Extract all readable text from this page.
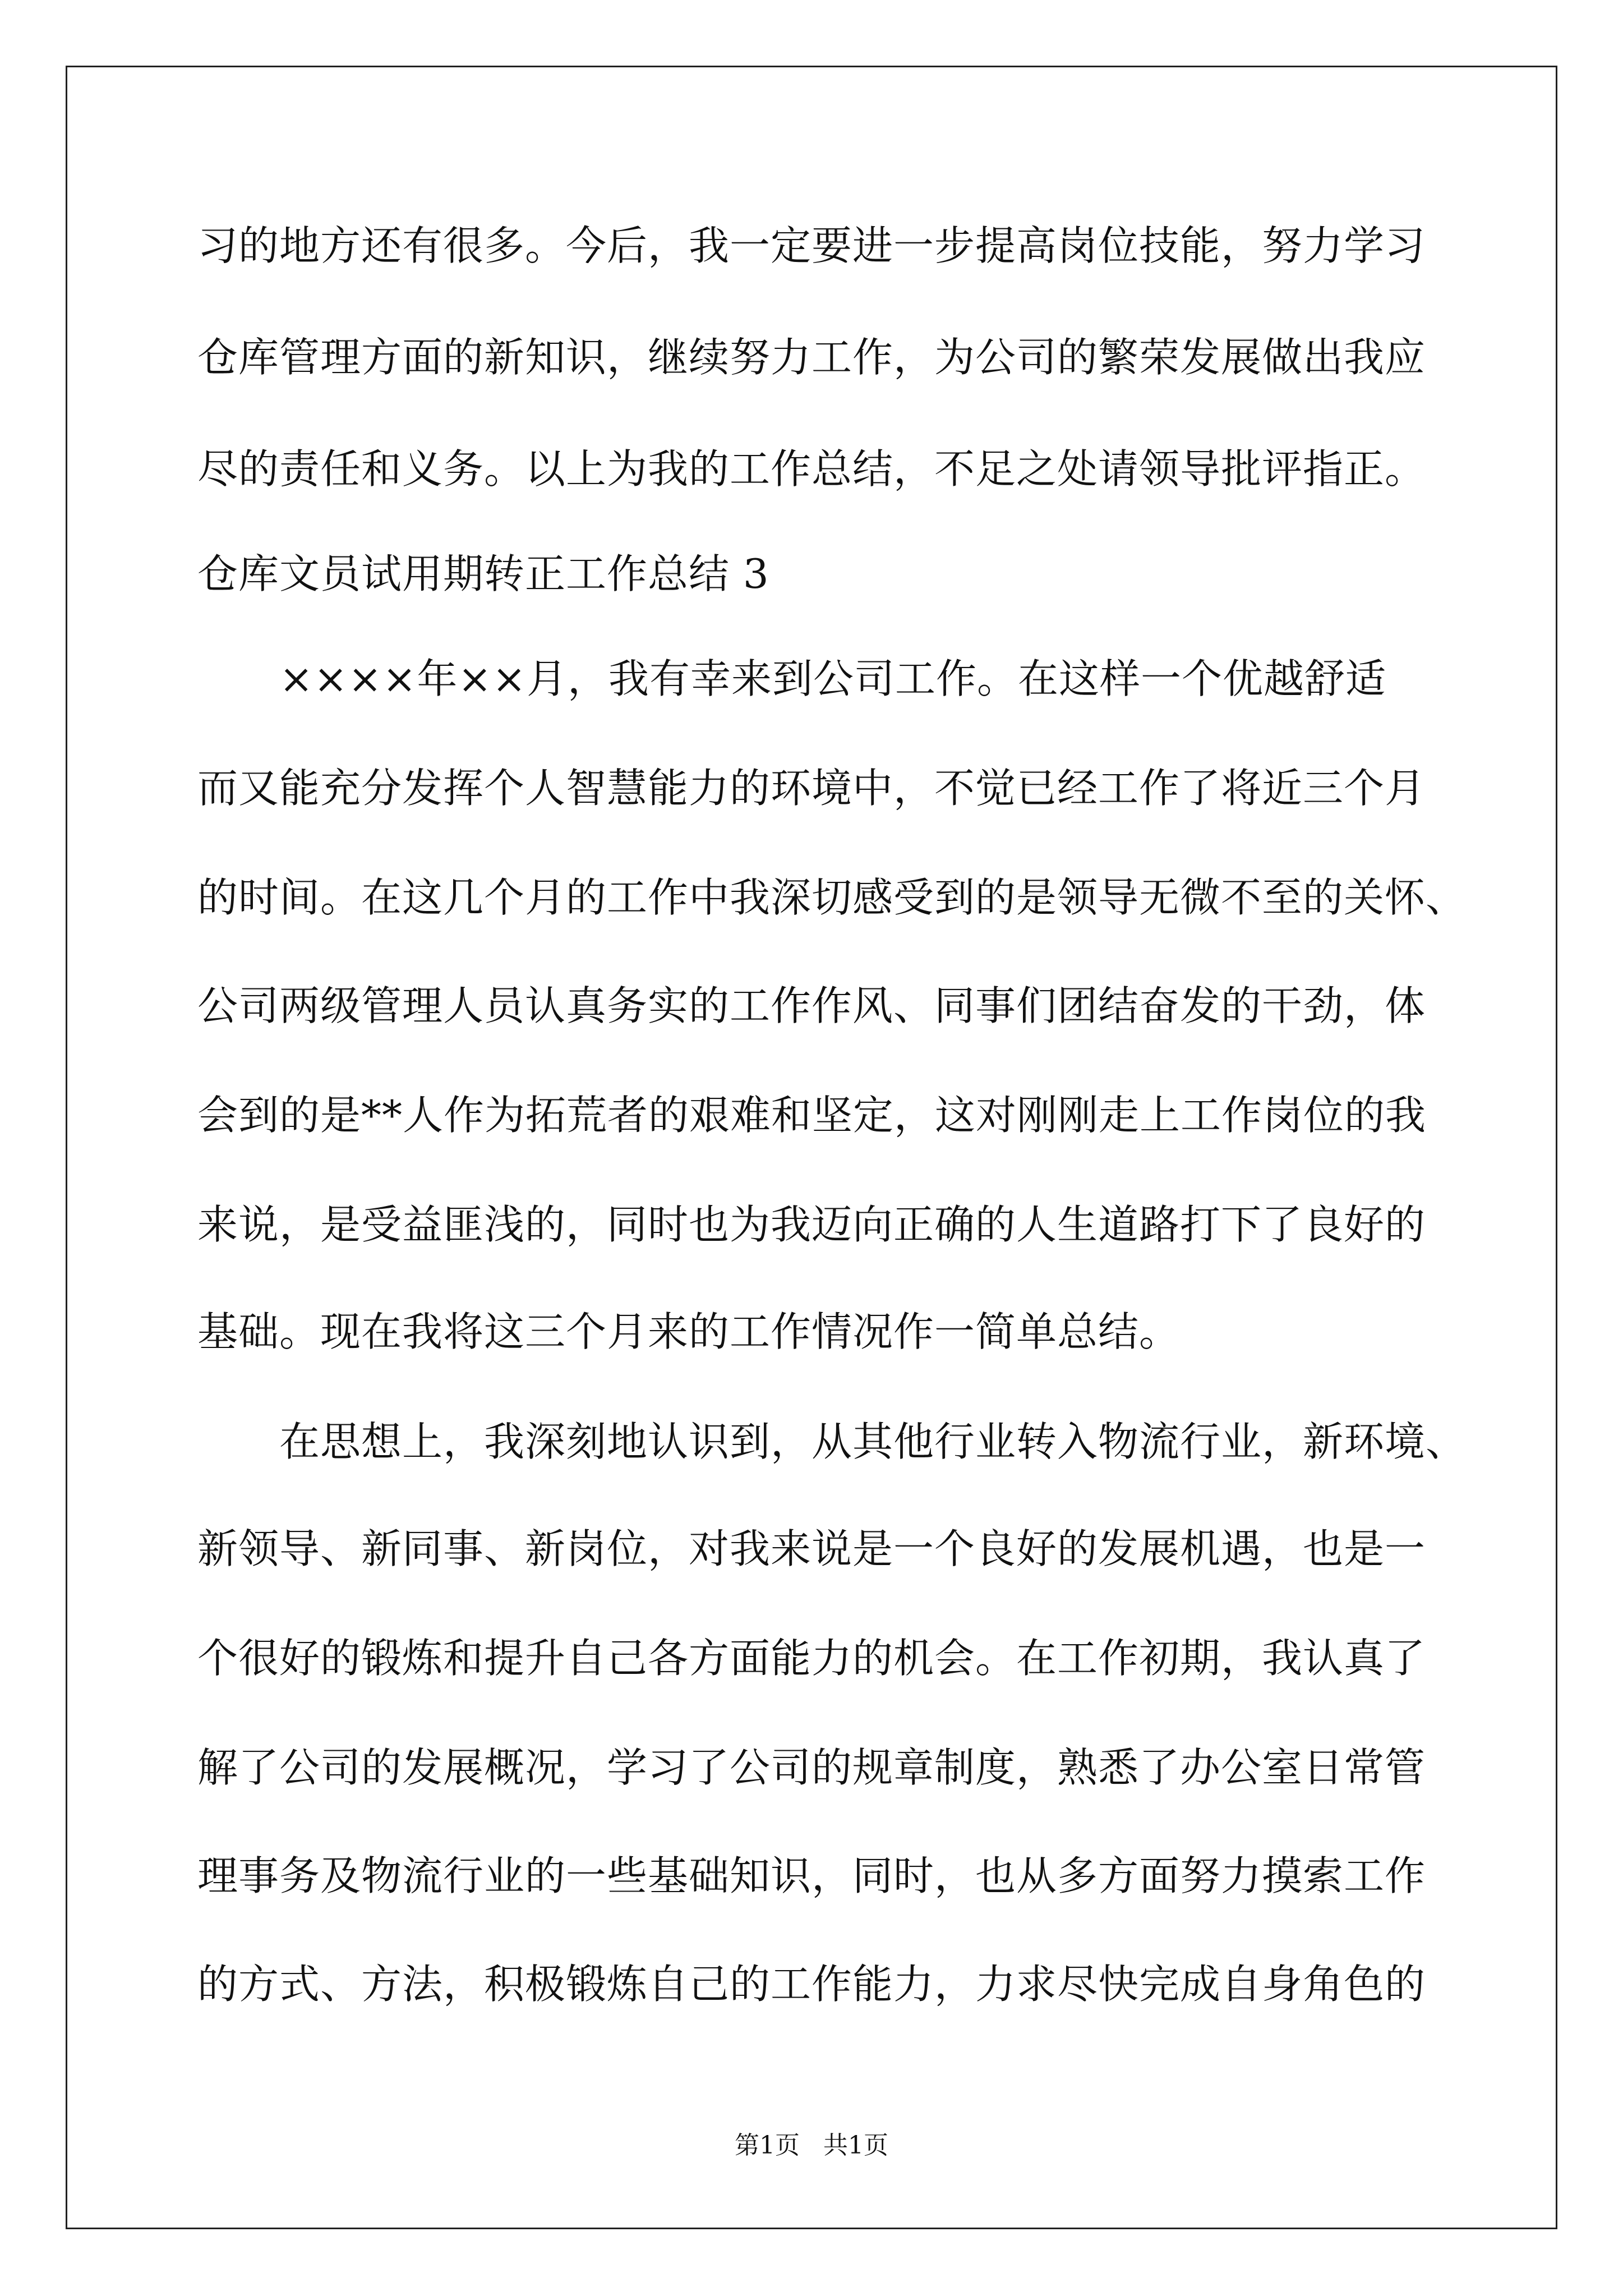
习的地方还有很多。今后，我一定要进一步提高岗位技能，努力学习
仓库管理方面的新知识，继续努力工作，为公司的繁荣发展做出我应
尽的责任和义务。以上为我的工作总结，不足之处请领导批评指正。
仓库文员试用期转正工作总结 3
　　××××年××月，我有幸来到公司工作。在这样一个优越舒适
而又能充分发挥个人智慧能力的环境中，不觉已经工作了将近三个月
的时间。在这几个月的工作中我深切感受到的是领导无微不至的关怀、
公司两级管理人员认真务实的工作作风、同事们团结奋发的干劲，体
会到的是**人作为拓荒者的艰难和坚定，这对刚刚走上工作岗位的我
来说，是受益匪浅的，同时也为我迈向正确的人生道路打下了良好的
基础。现在我将这三个月来的工作情况作一简单总结。
　　在思想上，我深刻地认识到，从其他行业转入物流行业，新环境、
新领导、新同事、新岗位，对我来说是一个良好的发展机遇，也是一
个很好的锻炼和提升自己各方面能力的机会。在工作初期，我认真了
解了公司的发展概况，学习了公司的规章制度，熟悉了办公室日常管
理事务及物流行业的一些基础知识，同时，也从多方面努力摸索工作
的方式、方法，积极锻炼自己的工作能力，力求尽快完成自身角色的
第1页   共1页
